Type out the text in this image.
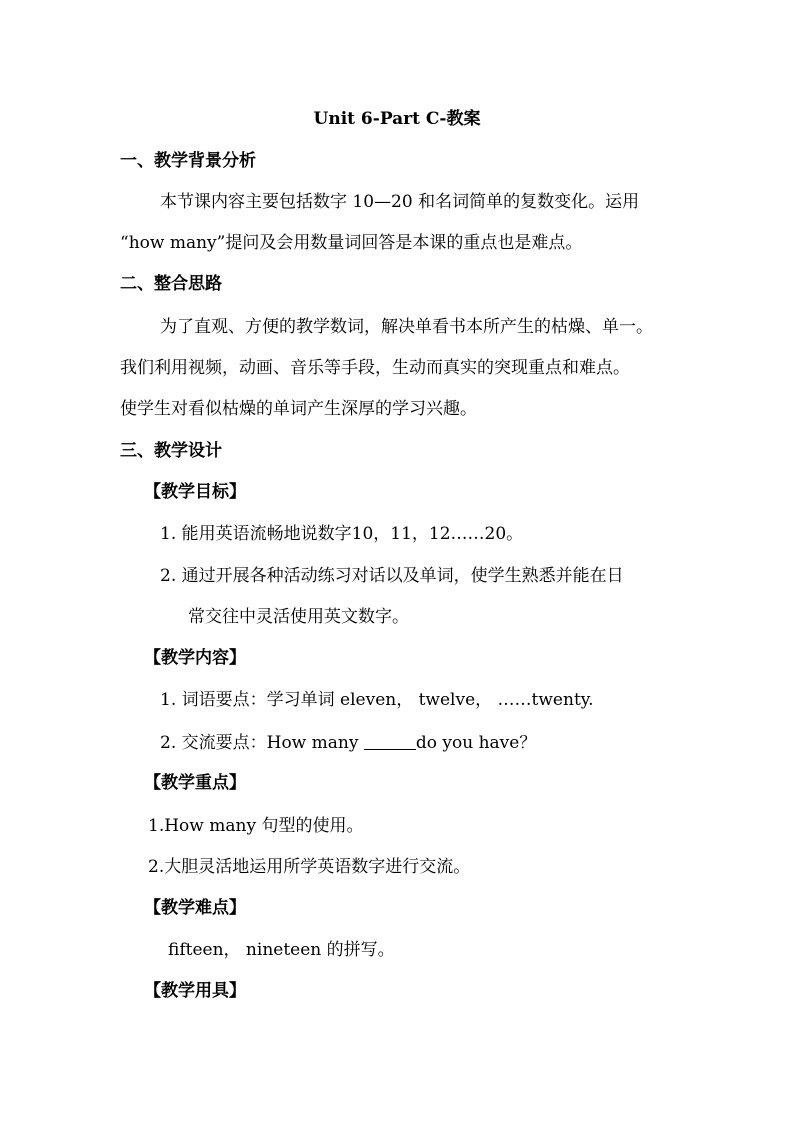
Unit 6-Part C-教案
一、教学背景分析
本节课内容主要包括数字 10—20 和名词简单的复数变化。运用
“how many”提问及会用数量词回答是本课的重点也是难点。
二、整合思路
为了直观、方便的教学数词，解决单看书本所产生的枯燥、单一。
我们利用视频，动画、音乐等手段，生动而真实的突现重点和难点。
使学生对看似枯燥的单词产生深厚的学习兴趣。
三、教学设计
【教学目标】
1. 能用英语流畅地说数字10，11，12……20。
2. 通过开展各种活动练习对话以及单词，使学生熟悉并能在日
常交往中灵活使用英文数字。
【教学内容】
1. 词语要点：学习单词 eleven， twelve， ……twenty.
2. 交流要点：How many	do you have？
【教学重点】
1.How many 句型的使用。
2.大胆灵活地运用所学英语数字进行交流。
【教学难点】
fifteen， nineteen 的拼写。
【教学用具】
